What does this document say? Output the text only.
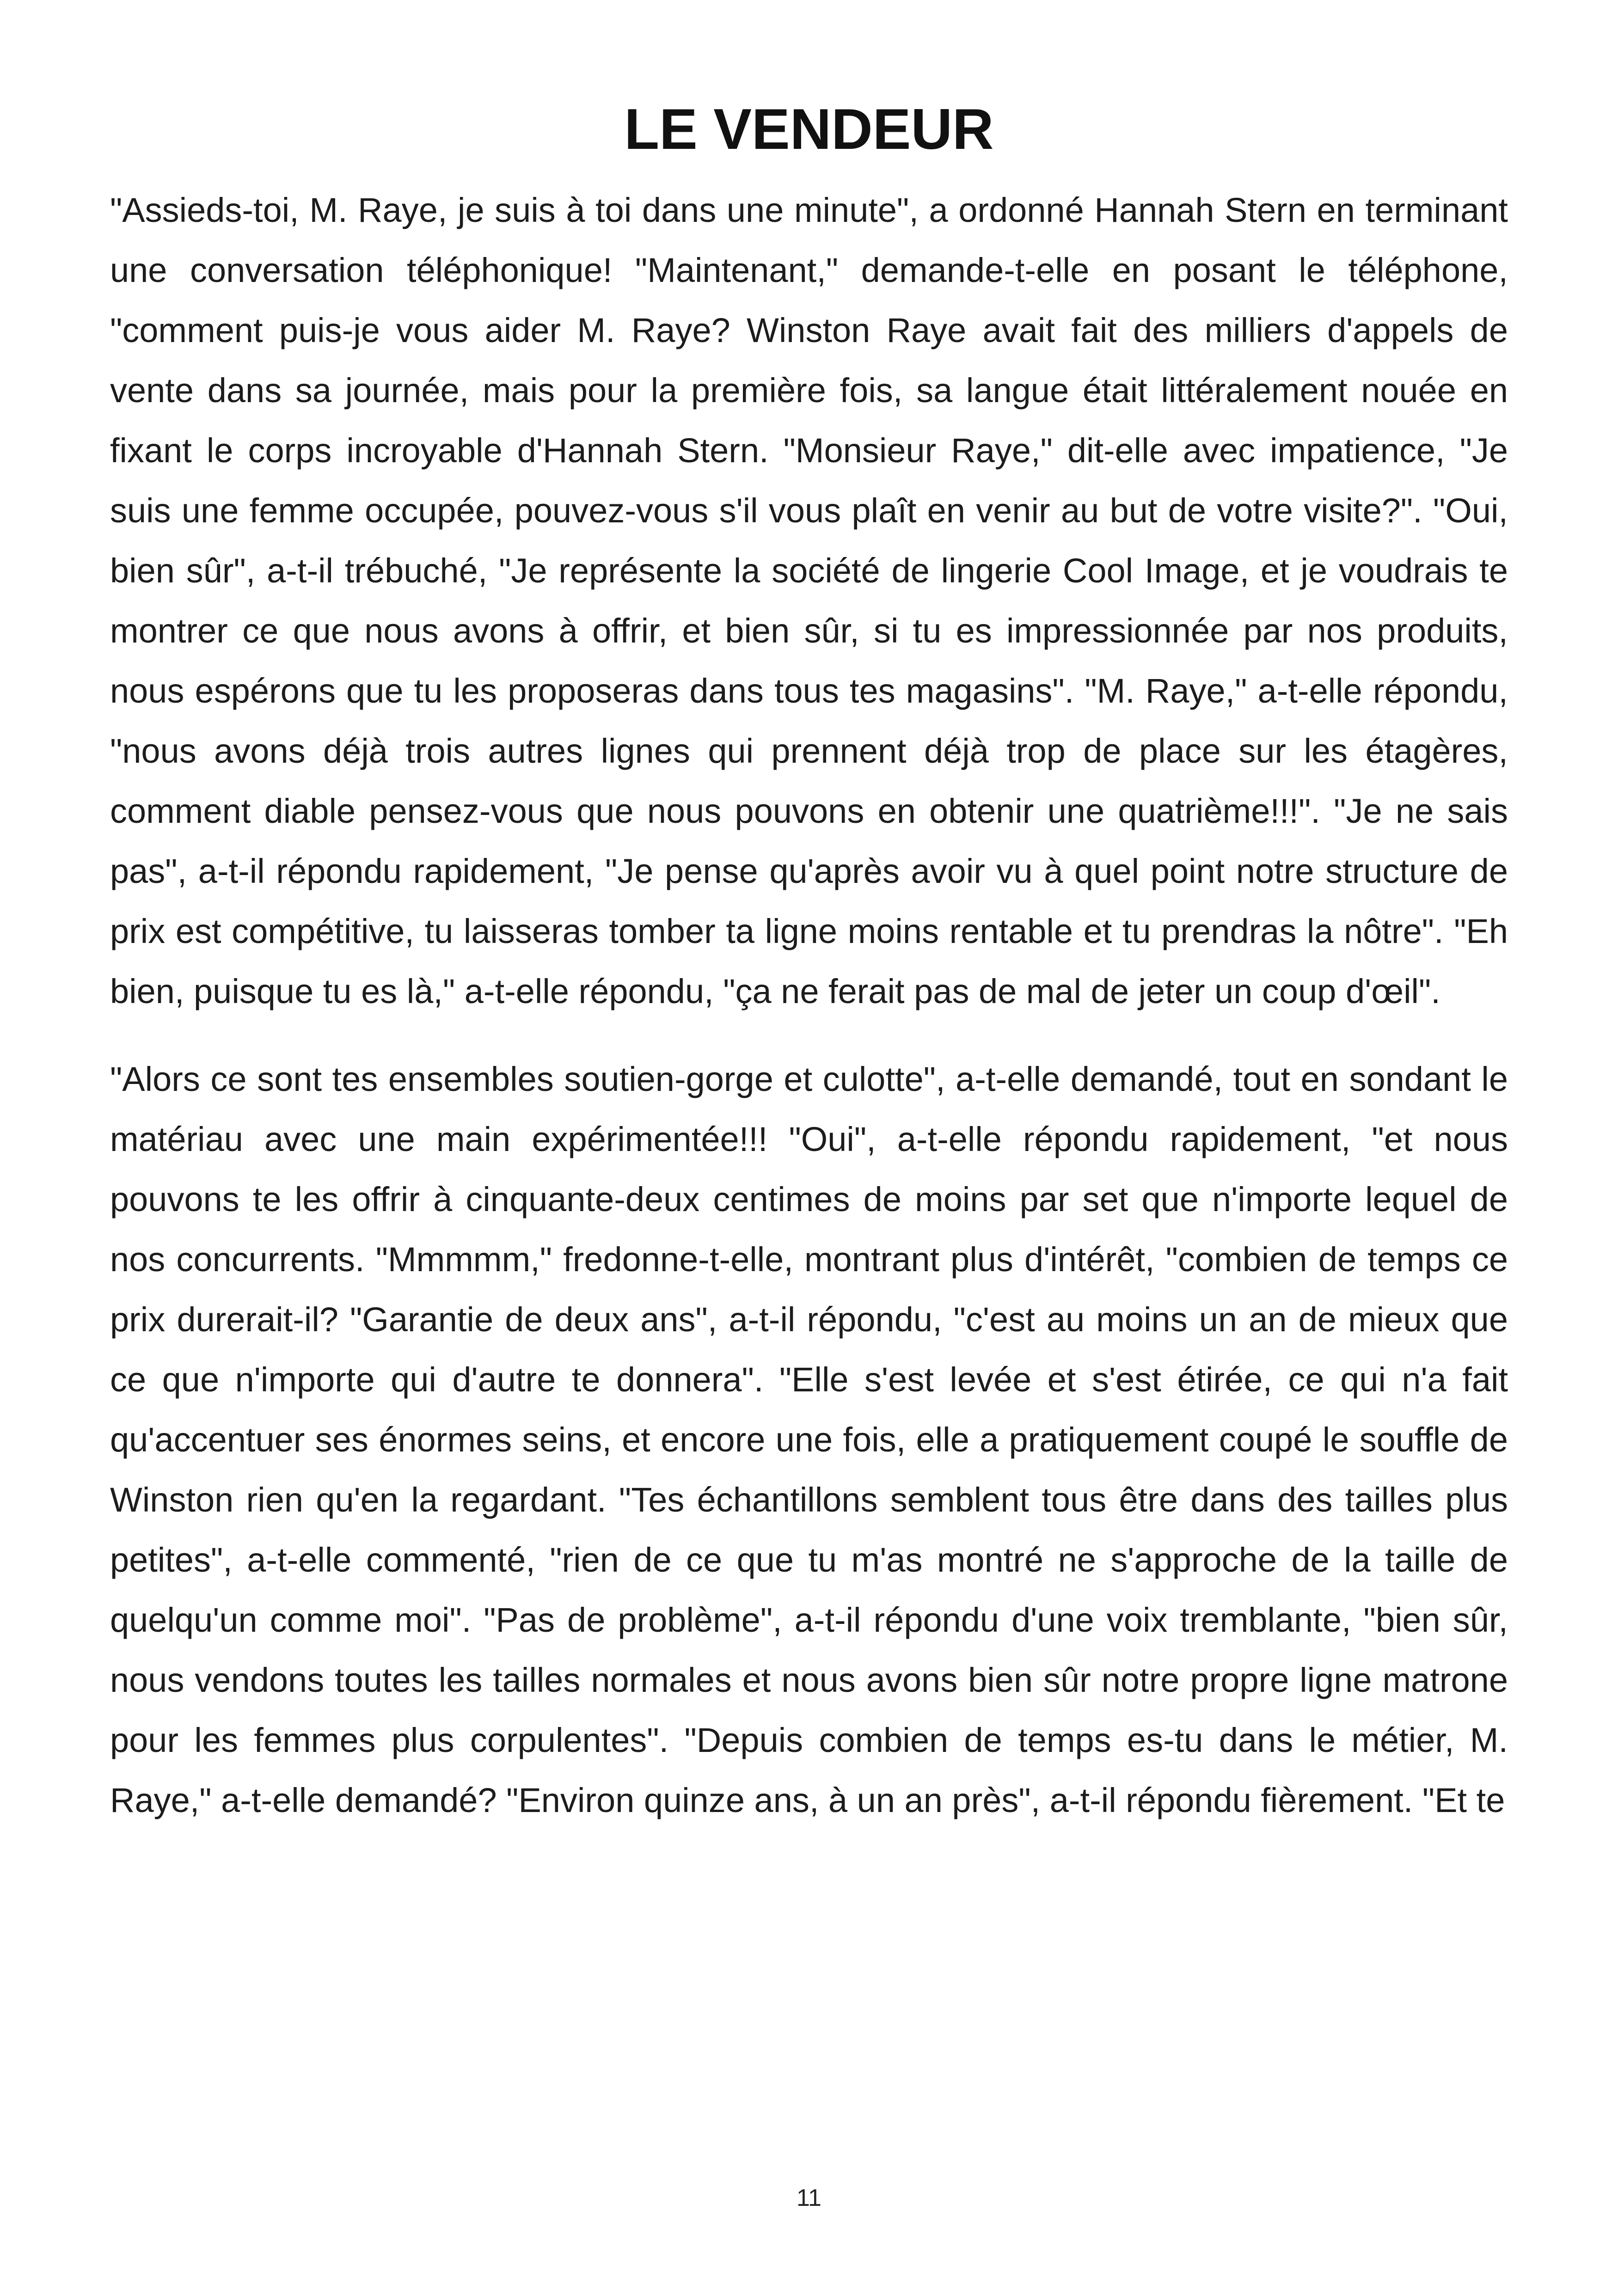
LE VENDEUR

"Assieds-toi, M. Raye, je suis à toi dans une minute", a ordonné Hannah Stern en terminant une conversation téléphonique! "Maintenant," demande-t-elle en posant le téléphone, "comment puis-je vous aider M. Raye? Winston Raye avait fait des milliers d'appels de vente dans sa journée, mais pour la première fois, sa langue était littéralement nouée en fixant le corps incroyable d'Hannah Stern. "Monsieur Raye," dit-elle avec impatience, "Je suis une femme occupée, pouvez-vous s'il vous plaît en venir au but de votre visite?". "Oui, bien sûr", a-t-il trébuché, "Je représente la société de lingerie Cool Image, et je voudrais te montrer ce que nous avons à offrir, et bien sûr, si tu es impressionnée par nos produits, nous espérons que tu les proposeras dans tous tes magasins". "M. Raye," a-t-elle répondu, "nous avons déjà trois autres lignes qui prennent déjà trop de place sur les étagères, comment diable pensez-vous que nous pouvons en obtenir une quatrième!!!". "Je ne sais pas", a-t-il répondu rapidement, "Je pense qu'après avoir vu à quel point notre structure de prix est compétitive, tu laisseras tomber ta ligne moins rentable et tu prendras la nôtre". "Eh bien, puisque tu es là," a-t-elle répondu, "ça ne ferait pas de mal de jeter un coup d'œil".

"Alors ce sont tes ensembles soutien-gorge et culotte", a-t-elle demandé, tout en sondant le matériau avec une main expérimentée!!! "Oui", a-t-elle répondu rapidement, "et nous pouvons te les offrir à cinquante-deux centimes de moins par set que n'importe lequel de nos concurrents. "Mmmmm," fredonne-t-elle, montrant plus d'intérêt, "combien de temps ce prix durerait-il? "Garantie de deux ans", a-t-il répondu, "c'est au moins un an de mieux que ce que n'importe qui d'autre te donnera". "Elle s'est levée et s'est étirée, ce qui n'a fait qu'accentuer ses énormes seins, et encore une fois, elle a pratiquement coupé le souffle de Winston rien qu'en la regardant. "Tes échantillons semblent tous être dans des tailles plus petites", a-t-elle commenté, "rien de ce que tu m'as montré ne s'approche de la taille de quelqu'un comme moi". "Pas de problème", a-t-il répondu d'une voix tremblante, "bien sûr, nous vendons toutes les tailles normales et nous avons bien sûr notre propre ligne matrone pour les femmes plus corpulentes". "Depuis combien de temps es-tu dans le métier, M. Raye," a-t-elle demandé? "Environ quinze ans, à un an près", a-t-il répondu fièrement. "Et te

11
